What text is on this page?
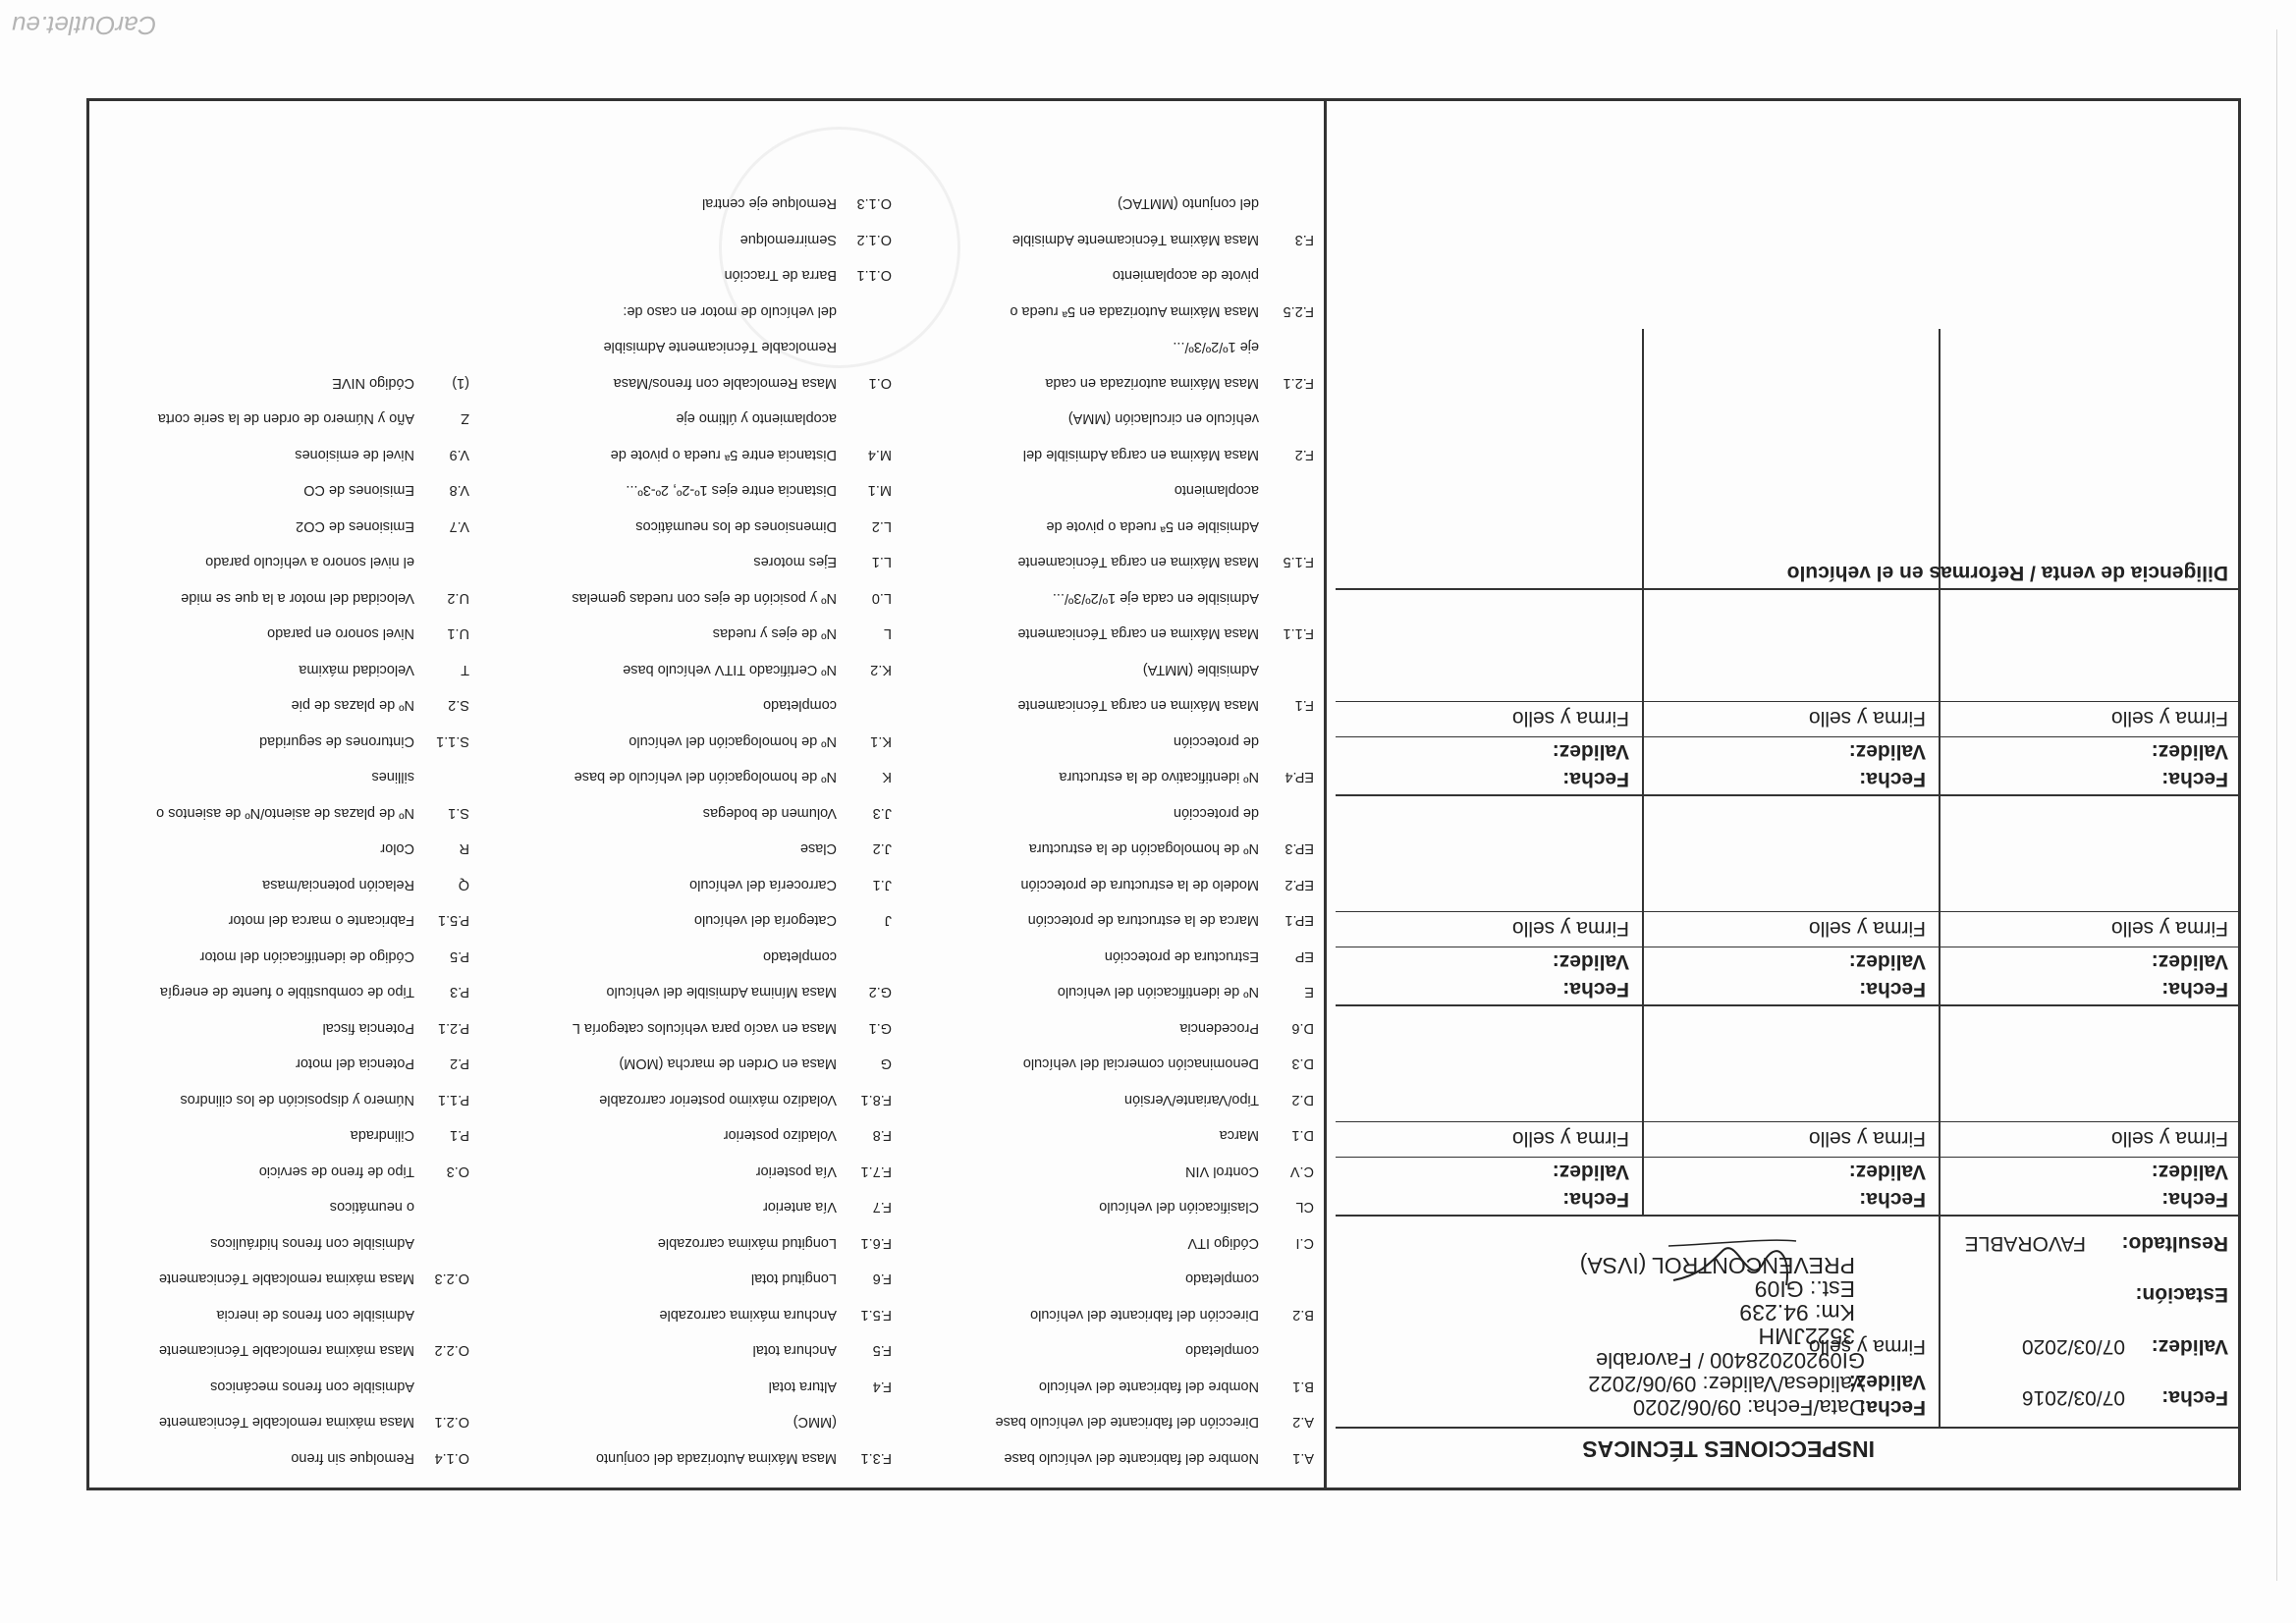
INSPECCIONES TÉCNICAS
Fecha:
07/03/2016
Validez:
07/03/2020
Estación:
Resultado:
FAVORABLE
Fecha:
Validez:
Firma y sello
Data/Fecha: 09/06/2020
Validesa/Validez: 09/06/2022
GI09202028400 / Favorable
3522JMH
Km: 94.239
Est.: GI09
PREVENCONTROL (IVSA)
Fecha:
Validez:
Fecha:
Validez:
Fecha:
Validez:
Firma y sello
Firma y sello
Firma y sello
Fecha:
Validez:
Fecha:
Validez:
Fecha:
Validez:
Firma y sello
Firma y sello
Firma y sello
Fecha:
Validez:
Fecha:
Validez:
Fecha:
Validez:
Firma y sello
Firma y sello
Firma y sello
Diligencia de venta / Reformas en el vehículo
A.1
Nombre del fabricante del vehículo base
A.2
Dirección del fabricante del vehículo base
B.1
Nombre del fabricante del vehículo
completado
B.2
Dirección del fabricante del vehículo
completado
C.I
Código ITV
CL
Clasificación del vehículo
C.V
Control VIN
D.1
Marca
D.2
Tipo/Variante/Versión
D.3
Denominación comercial del vehículo
D.6
Procedencia
E
Nº de identificación del vehículo
EP
Estructura de protección
EP.1
Marca de la estructura de protección
EP.2
Modelo de la estructura de protección
EP.3
Nº de homologación de la estructura
de protección
EP.4
Nº identificativo de la estructura
de protección
F.1
Masa Máxima en carga Técnicamente
Admisible (MMTA)
F.1.1
Masa Máxima en carga Técnicamente
Admisible en cada eje 1º/2º/3º/...
F.1.5
Masa Máxima en carga Técnicamente
Admisible en 5ª rueda o pivote de
acoplamiento
F.2
Masa Máxima en carga Admisible del
vehículo en circulación (MMA)
F.2.1
Masa Máxima autorizada en cada
eje 1º/2º/3º/...
F.2.5
Masa Máxima Autorizada en 5ª rueda o
pivote de acoplamiento
F.3
Masa Máxima Técnicamente Admisible
del conjunto (MMTAC)
F.3.1
Masa Máxima Autorizada del conjunto
(MMC)
F.4
Altura total
F.5
Anchura total
F.5.1
Anchura máxima carrozable
F.6
Longitud total
F.6.1
Longitud máxima carrozable
F.7
Vía anterior
F.7.1
Vía posterior
F.8
Voladizo posterior
F.8.1
Voladizo máximo posterior carrozable
G
Masa en Orden de marcha (MOM)
G.1
Masa en vacío para vehículos categoría L
G.2
Masa Mínima Admisible del vehículo
completado
J
Categoría del vehículo
J.1
Carrocería del vehículo
J.2
Clase
J.3
Volumen de bodegas
K
Nº de homologación del vehículo de base
K.1
Nº de homologación del vehículo
completado
K.2
Nº Certificado TITV vehículo base
L
Nº de ejes y ruedas
L.0
Nº y posición de ejes con ruedas gemelas
L.1
Ejes motores
L.2
Dimensiones de los neumáticos
M.1
Distancia entre ejes 1º-2º, 2º-3º...
M.4
Distancia entre 5ª rueda o pivote de
acoplamiento y último eje
O.1
Masa Remolcable con frenos/Masa
Remolcable Técnicamente Admisible
del vehículo de motor en caso de:
O.1.1
Barra de Tracción
O.1.2
Semirremolque
O.1.3
Remolque eje central
O.1.4
Remolque sin freno
O.2.1
Masa máxima remolcable Técnicamente
Admisible con frenos mecánicos
O.2.2
Masa máxima remolcable Técnicamente
Admisible con frenos de inercia
O.2.3
Masa máxima remolcable Técnicamente
Admisible con frenos hidráulicos
o neumáticos
O.3
Tipo de freno de servicio
P.1
Cilindrada
P.1.1
Número y disposición de los cilindros
P.2
Potencia del motor
P.2.1
Potencia fiscal
P.3
Tipo de combustible o fuente de energía
P.5
Código de identificación del motor
P.5.1
Fabricante o marca del motor
Q
Relación potencia/masa
R
Color
S.1
Nº de plazas de asiento/Nº de asientos o
sillines
S.1.1
Cinturones de seguridad
S.2
Nº de plazas de pie
T
Velocidad máxima
U.1
Nivel sonoro en parado
U.2
Velocidad del motor a la que se mide
el nivel sonoro a vehículo parado
V.7
Emisiones de CO2
V.8
Emisiones de CO
V.9
Nivel de emisiones
Z
Año y Número de orden de la serie corta
(1)
Código NIVE
CarOutlet.eu
